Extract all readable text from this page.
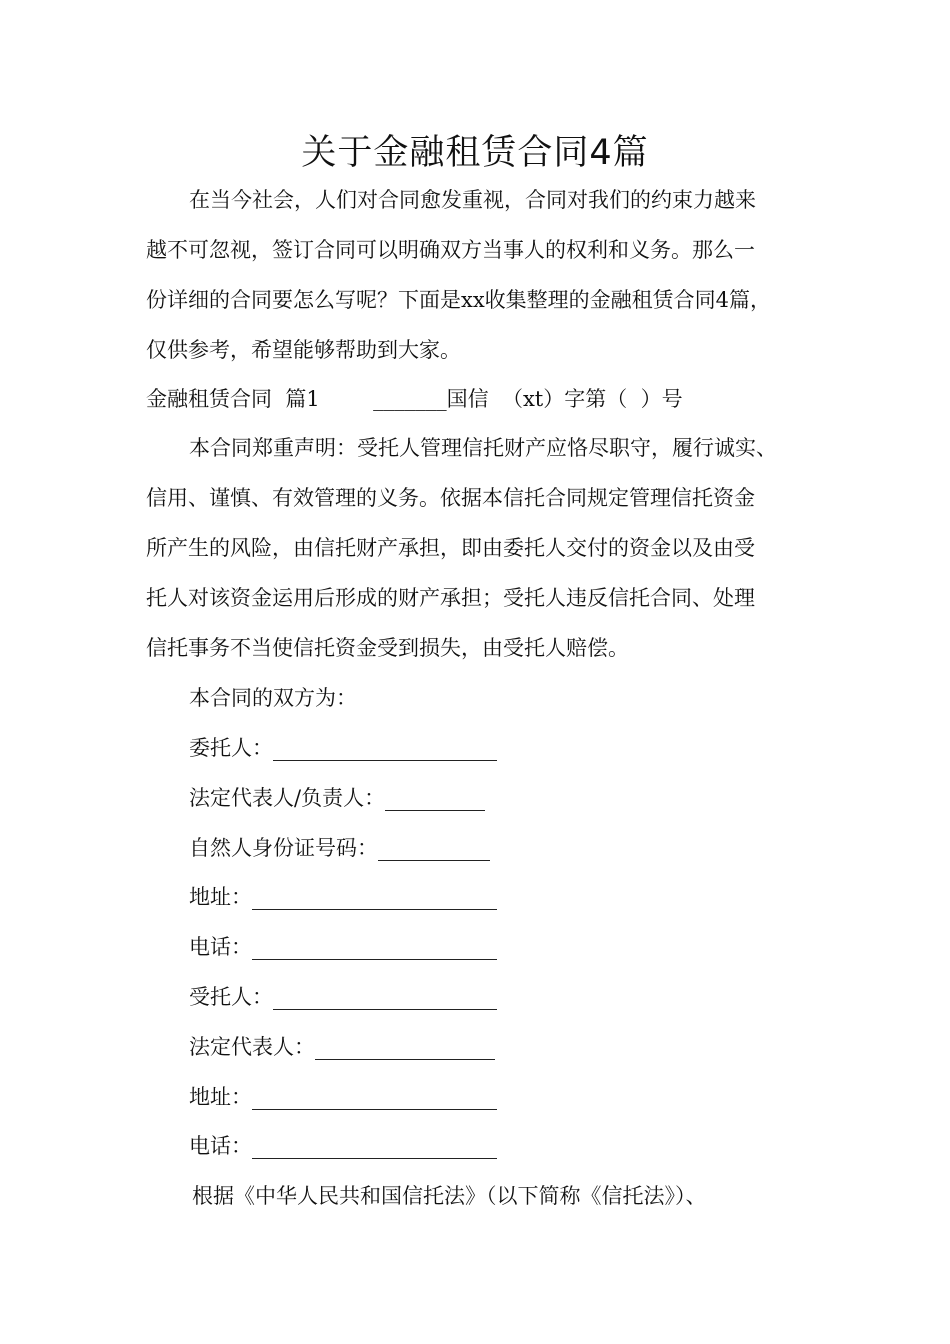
关于金融租赁合同4篇
在当今社会，人们对合同愈发重视，合同对我们的约束力越来
越不可忽视，签订合同可以明确双方当事人的权利和义务。那么一
份详细的合同要怎么写呢？下面是xx收集整理的金融租赁合同4篇，
仅供参考，希望能够帮助到大家。
金融租赁合同  篇1        _______国信  （xt）字第（  ）号
本合同郑重声明：受托人管理信托财产应恪尽职守，履行诚实、
信用、谨慎、有效管理的义务。依据本信托合同规定管理信托资金
所产生的风险，由信托财产承担，即由委托人交付的资金以及由受
托人对该资金运用后形成的财产承担；受托人违反信托合同、处理
信托事务不当使信托资金受到损失，由受托人赔偿。
本合同的双方为：
委托人：
法定代表人/负责人：
自然人身份证号码：
地址：
电话：
受托人：
法定代表人：
地址：
电话：
根据《中华人民共和国信托法》（以下简称《信托法》）、
